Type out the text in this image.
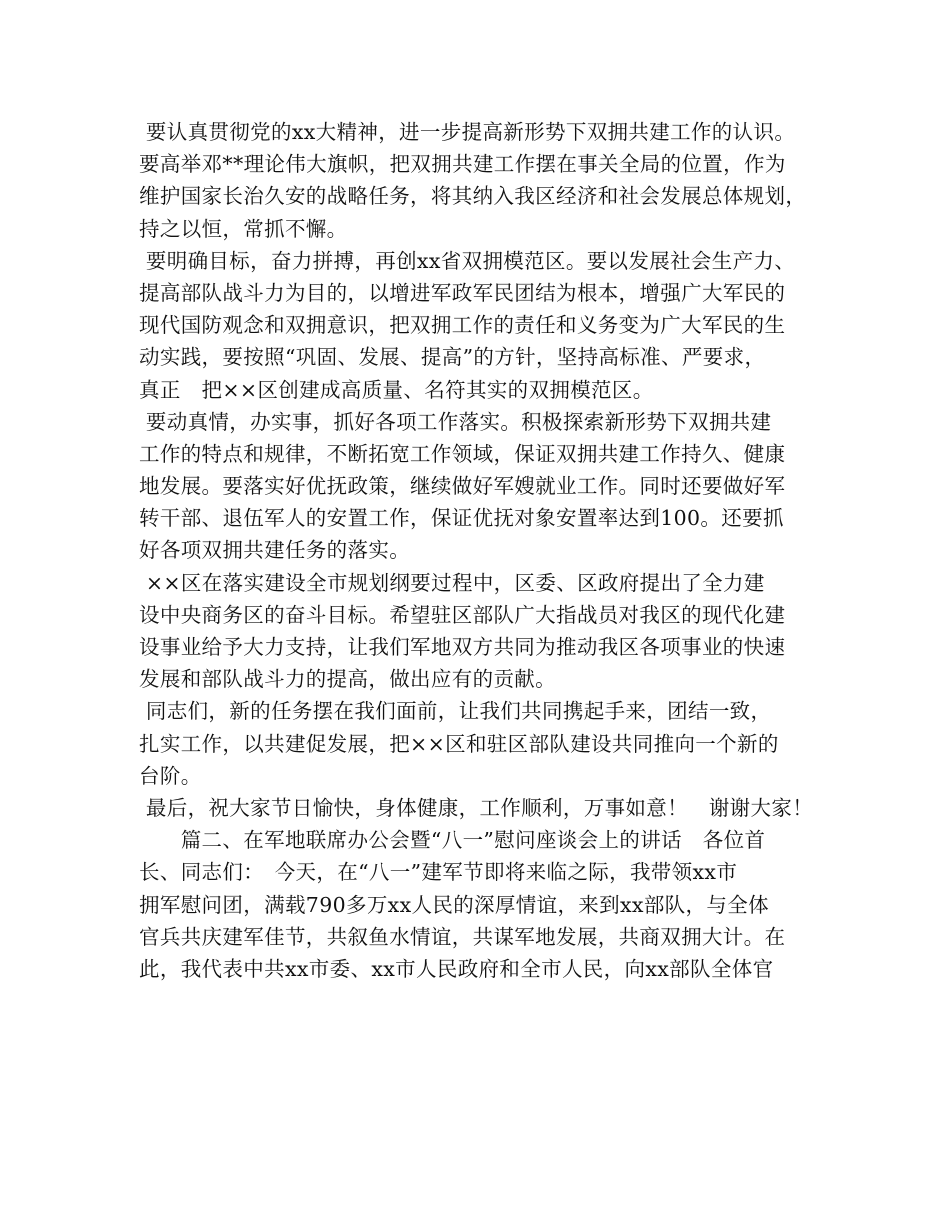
要认真贯彻党的xx大精神，进一步提高新形势下双拥共建工作的认识。
要高举邓**理论伟大旗帜，把双拥共建工作摆在事关全局的位置，作为
维护国家长治久安的战略任务，将其纳入我区经济和社会发展总体规划，
持之以恒，常抓不懈。
要明确目标，奋力拼搏，再创xx省双拥模范区。要以发展社会生产力、
提高部队战斗力为目的，以增进军政军民团结为根本，增强广大军民的
现代国防观念和双拥意识，把双拥工作的责任和义务变为广大军民的生
动实践，要按照“巩固、发展、提高”的方针，坚持高标准、严要求，
真正　把××区创建成高质量、名符其实的双拥模范区。
要动真情，办实事，抓好各项工作落实。积极探索新形势下双拥共建
工作的特点和规律，不断拓宽工作领域，保证双拥共建工作持久、健康
地发展。要落实好优抚政策，继续做好军嫂就业工作。同时还要做好军
转干部、退伍军人的安置工作，保证优抚对象安置率达到100。还要抓
好各项双拥共建任务的落实。
××区在落实建设全市规划纲要过程中，区委、区政府提出了全力建
设中央商务区的奋斗目标。希望驻区部队广大指战员对我区的现代化建
设事业给予大力支持，让我们军地双方共同为推动我区各项事业的快速
发展和部队战斗力的提高，做出应有的贡献。
同志们，新的任务摆在我们面前，让我们共同携起手来，团结一致，
扎实工作，以共建促发展，把××区和驻区部队建设共同推向一个新的
台阶。
最后，祝大家节日愉快，身体健康，工作顺利，万事如意！　谢谢大家！
　　篇二、在军地联席办公会暨“八一”慰问座谈会上的讲话　各位首
长、同志们：　今天，在“八一”建军节即将来临之际，我带领xx市
拥军慰问团，满载790多万xx人民的深厚情谊，来到xx部队，与全体
官兵共庆建军佳节，共叙鱼水情谊，共谋军地发展，共商双拥大计。在
此，我代表中共xx市委、xx市人民政府和全市人民，向xx部队全体官
